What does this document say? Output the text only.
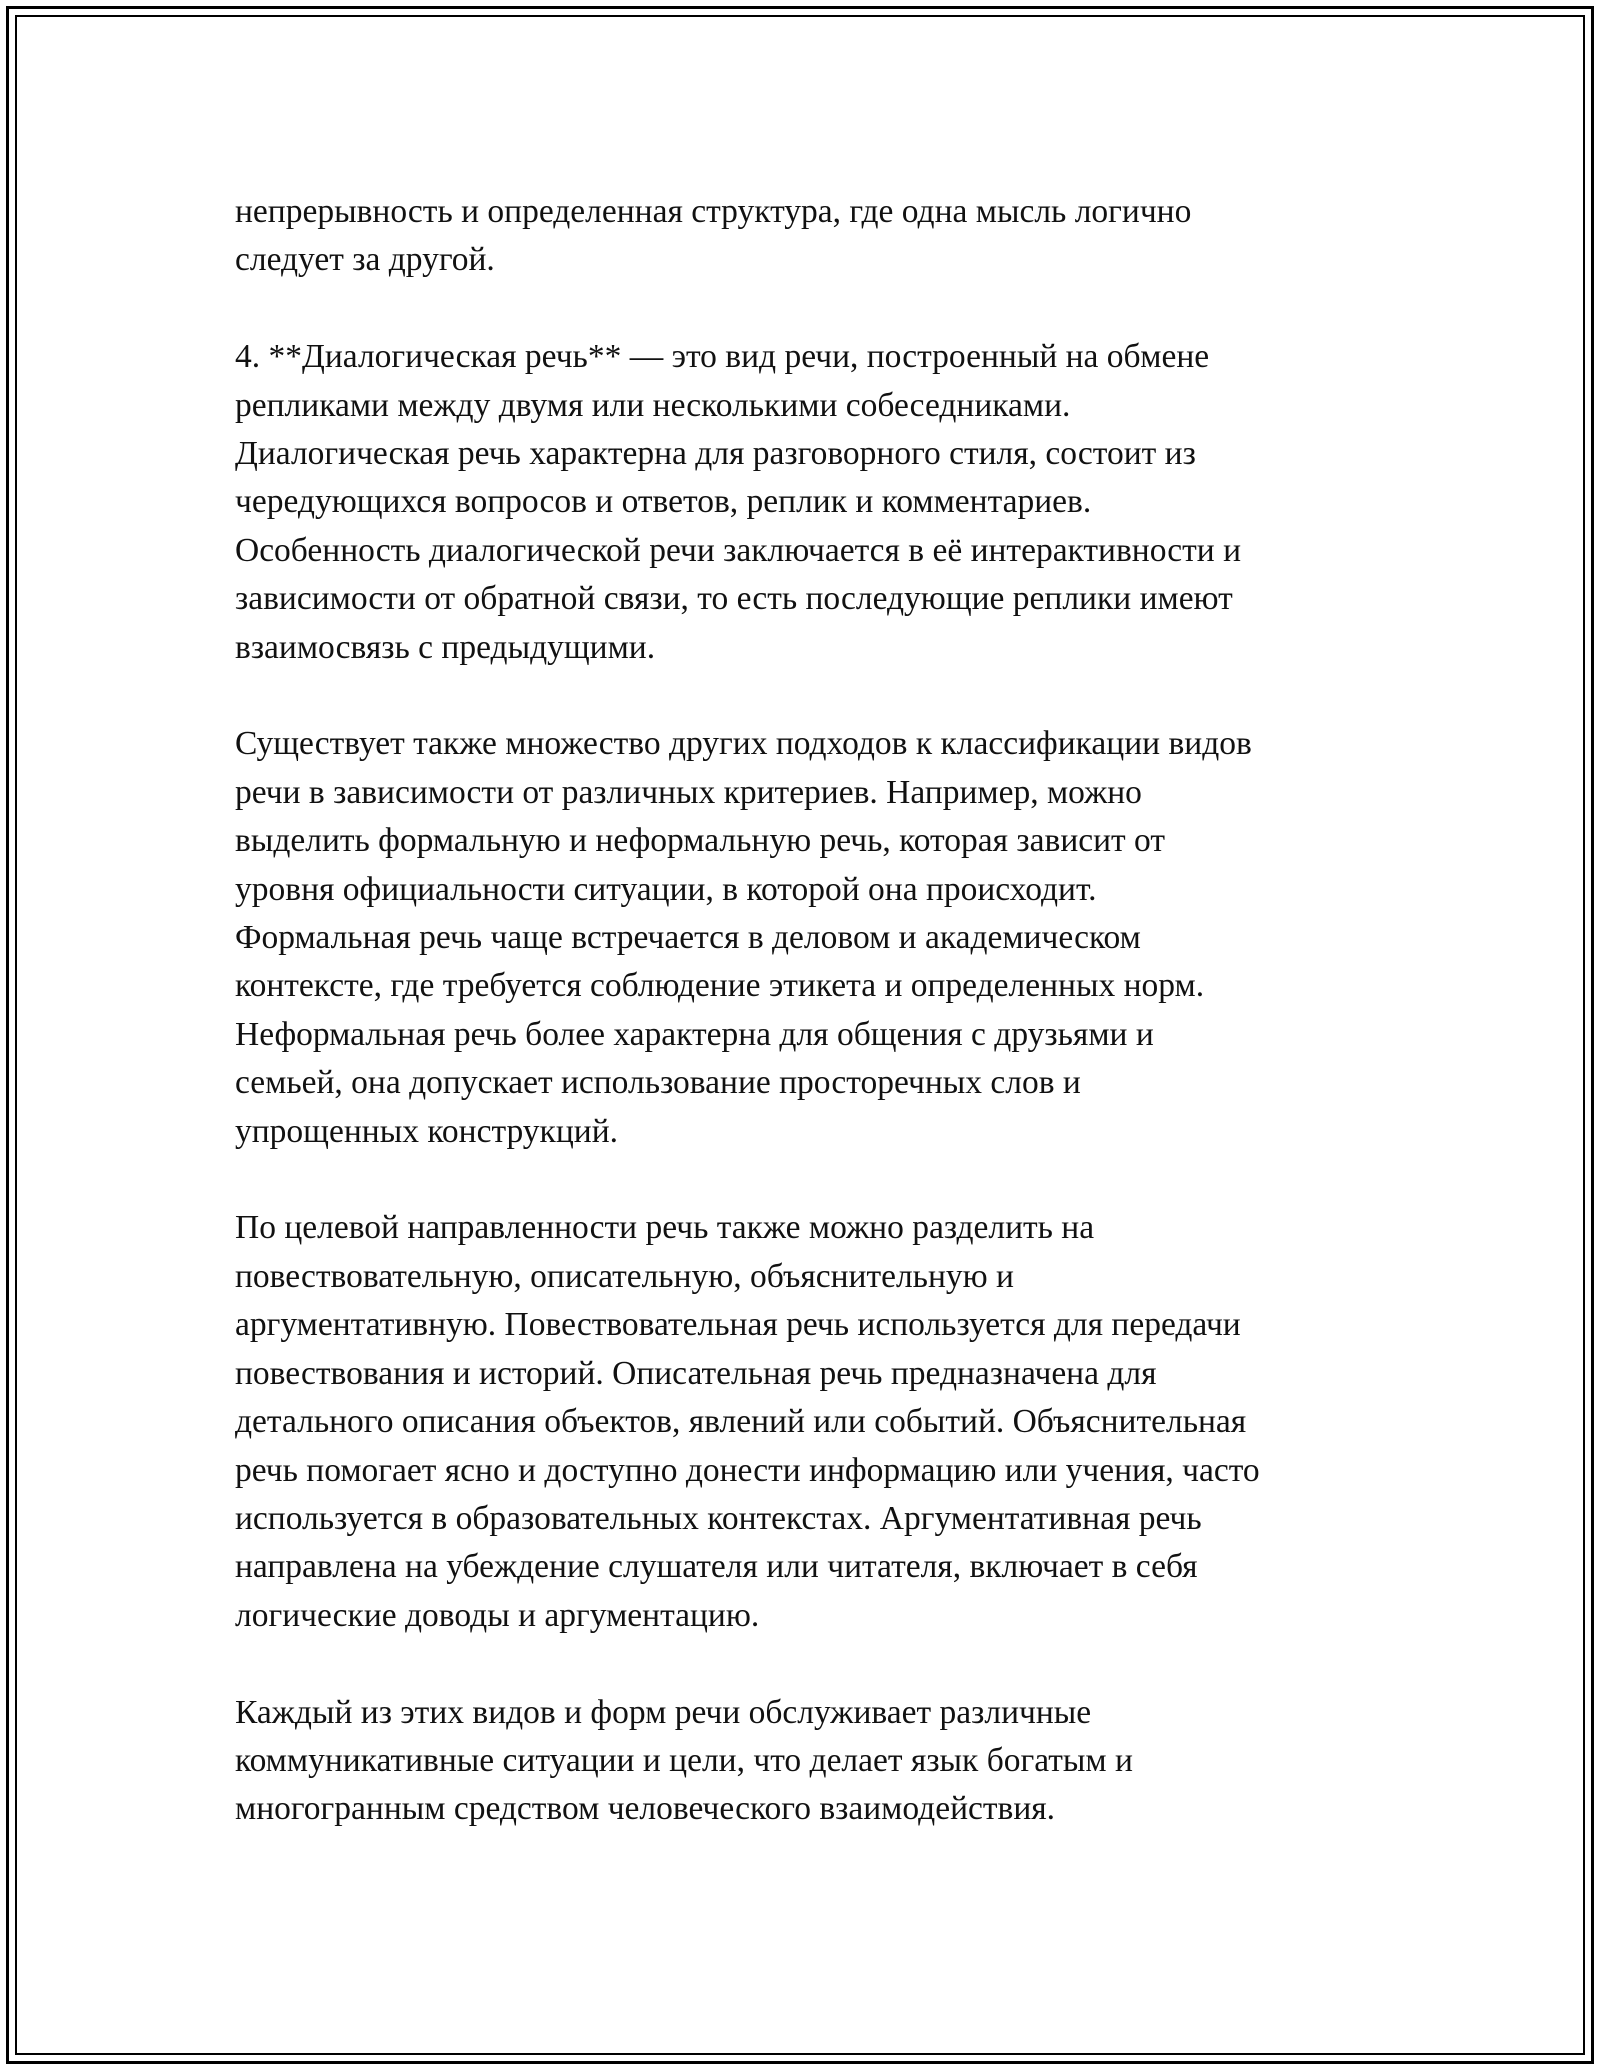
непрерывность и определенная структура, где одна мысль логично
следует за другой.

4. **Диалогическая речь** — это вид речи, построенный на обмене
репликами между двумя или несколькими собеседниками.
Диалогическая речь характерна для разговорного стиля, состоит из
чередующихся вопросов и ответов, реплик и комментариев.
Особенность диалогической речи заключается в её интерактивности и
зависимости от обратной связи, то есть последующие реплики имеют
взаимосвязь с предыдущими.

Существует также множество других подходов к классификации видов
речи в зависимости от различных критериев. Например, можно
выделить формальную и неформальную речь, которая зависит от
уровня официальности ситуации, в которой она происходит.
Формальная речь чаще встречается в деловом и академическом
контексте, где требуется соблюдение этикета и определенных норм.
Неформальная речь более характерна для общения с друзьями и
семьей, она допускает использование просторечных слов и
упрощенных конструкций.

По целевой направленности речь также можно разделить на
повествовательную, описательную, объяснительную и
аргументативную. Повествовательная речь используется для передачи
повествования и историй. Описательная речь предназначена для
детального описания объектов, явлений или событий. Объяснительная
речь помогает ясно и доступно донести информацию или учения, часто
используется в образовательных контекстах. Аргументативная речь
направлена на убеждение слушателя или читателя, включает в себя
логические доводы и аргументацию.

Каждый из этих видов и форм речи обслуживает различные
коммуникативные ситуации и цели, что делает язык богатым и
многогранным средством человеческого взаимодействия.
